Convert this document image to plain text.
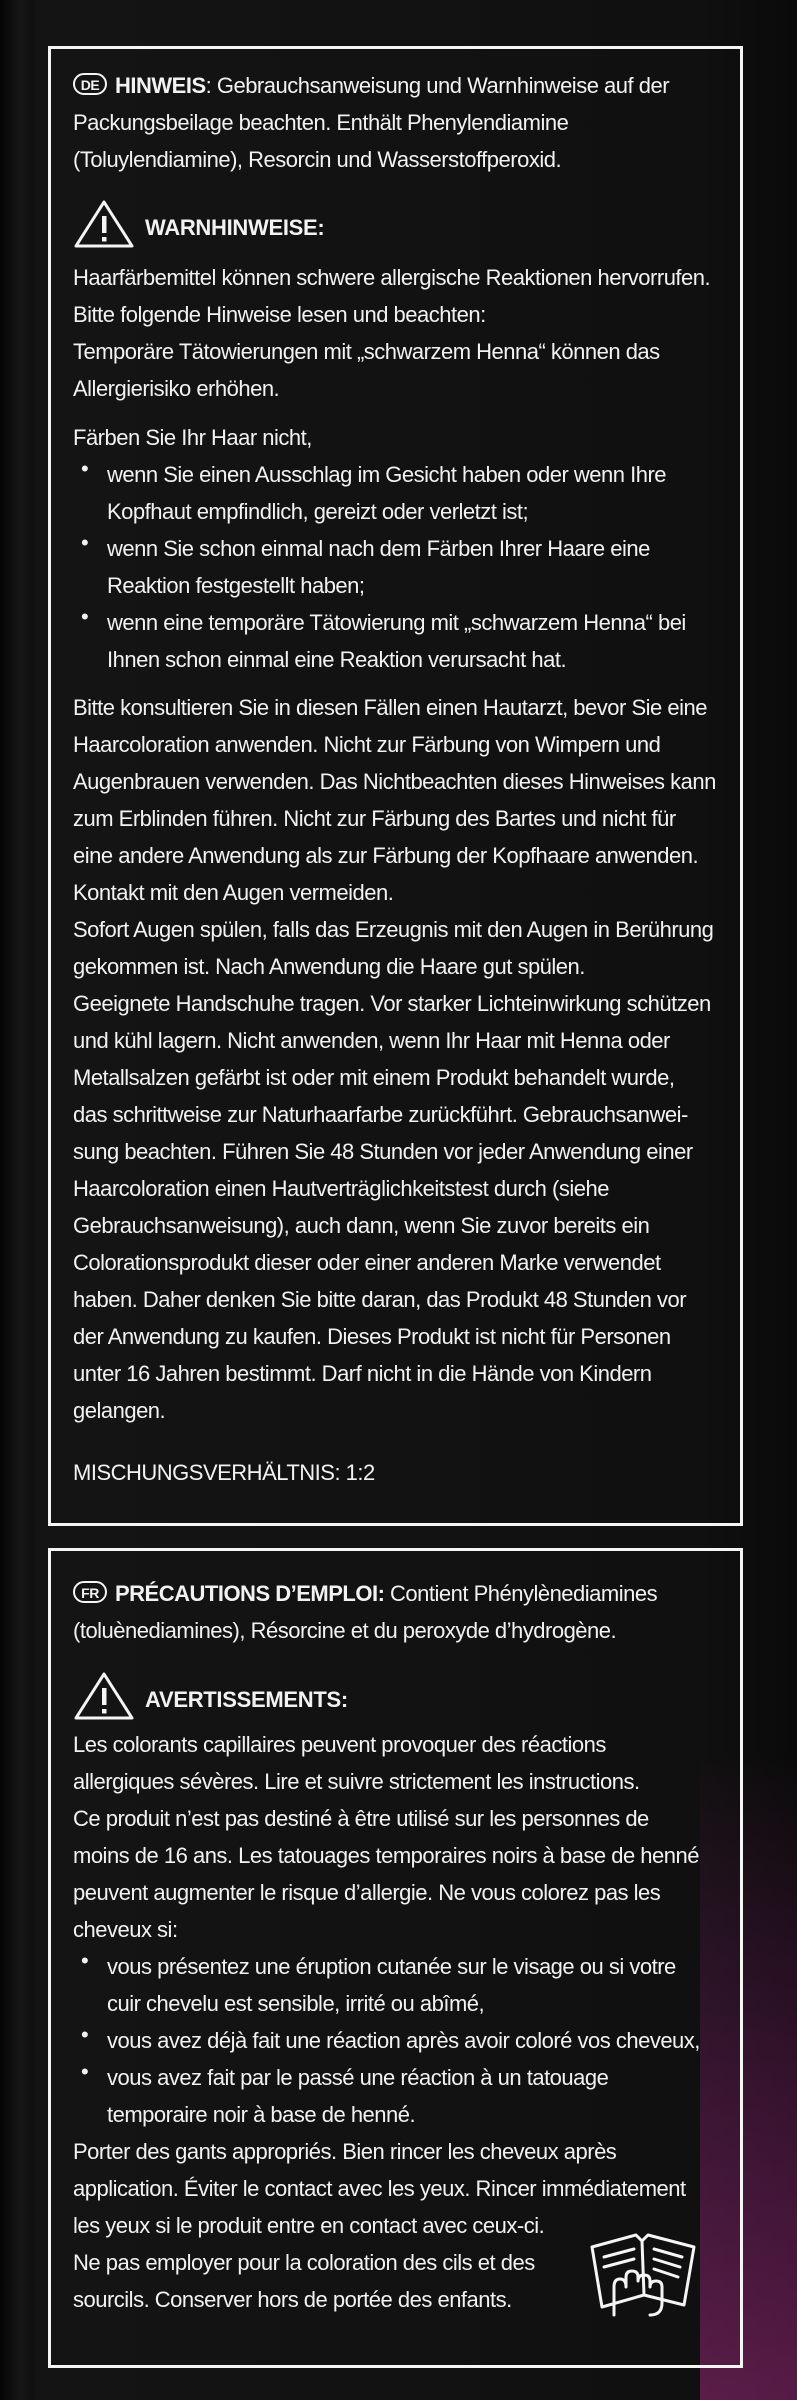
DE HINWEIS: Gebrauchsanweisung und Warnhinweise auf der
Packungsbeilage beachten. Enthält Phenylendiamine
(Toluylendiamine), Resorcin und Wasserstoffperoxid.
WARNHINWEISE:
Haarfärbemittel können schwere allergische Reaktionen hervorrufen.
Bitte folgende Hinweise lesen und beachten:
Temporäre Tätowierungen mit „schwarzem Henna“ können das
Allergierisiko erhöhen.
Färben Sie Ihr Haar nicht,
• wenn Sie einen Ausschlag im Gesicht haben oder wenn Ihre
Kopfhaut empfindlich, gereizt oder verletzt ist;
• wenn Sie schon einmal nach dem Färben Ihrer Haare eine
Reaktion festgestellt haben;
• wenn eine temporäre Tätowierung mit „schwarzem Henna“ bei
Ihnen schon einmal eine Reaktion verursacht hat.
Bitte konsultieren Sie in diesen Fällen einen Hautarzt, bevor Sie eine
Haarcoloration anwenden. Nicht zur Färbung von Wimpern und
Augenbrauen verwenden. Das Nichtbeachten dieses Hinweises kann
zum Erblinden führen. Nicht zur Färbung des Bartes und nicht für
eine andere Anwendung als zur Färbung der Kopfhaare anwenden.
Kontakt mit den Augen vermeiden.
Sofort Augen spülen, falls das Erzeugnis mit den Augen in Berührung
gekommen ist. Nach Anwendung die Haare gut spülen.
Geeignete Handschuhe tragen. Vor starker Lichteinwirkung schützen
und kühl lagern. Nicht anwenden, wenn Ihr Haar mit Henna oder
Metallsalzen gefärbt ist oder mit einem Produkt behandelt wurde,
das schrittweise zur Naturhaarfarbe zurückführt. Gebrauchsanwei-
sung beachten. Führen Sie 48 Stunden vor jeder Anwendung einer
Haarcoloration einen Hautverträglichkeitstest durch (siehe
Gebrauchsanweisung), auch dann, wenn Sie zuvor bereits ein
Colorationsprodukt dieser oder einer anderen Marke verwendet
haben. Daher denken Sie bitte daran, das Produkt 48 Stunden vor
der Anwendung zu kaufen. Dieses Produkt ist nicht für Personen
unter 16 Jahren bestimmt. Darf nicht in die Hände von Kindern
gelangen.
MISCHUNGSVERHÄLTNIS: 1:2
FR PRÉCAUTIONS D’EMPLOI: Contient Phénylènediamines
(toluènediamines), Résorcine et du peroxyde d’hydrogène.
AVERTISSEMENTS:
Les colorants capillaires peuvent provoquer des réactions
allergiques sévères. Lire et suivre strictement les instructions.
Ce produit n’est pas destiné à être utilisé sur les personnes de
moins de 16 ans. Les tatouages temporaires noirs à base de henné
peuvent augmenter le risque d’allergie. Ne vous colorez pas les
cheveux si:
• vous présentez une éruption cutanée sur le visage ou si votre
cuir chevelu est sensible, irrité ou abîmé,
• vous avez déjà fait une réaction après avoir coloré vos cheveux,
• vous avez fait par le passé une réaction à un tatouage
temporaire noir à base de henné.
Porter des gants appropriés. Bien rincer les cheveux après
application. Éviter le contact avec les yeux. Rincer immédiatement
les yeux si le produit entre en contact avec ceux-ci.
Ne pas employer pour la coloration des cils et des
sourcils. Conserver hors de portée des enfants.
